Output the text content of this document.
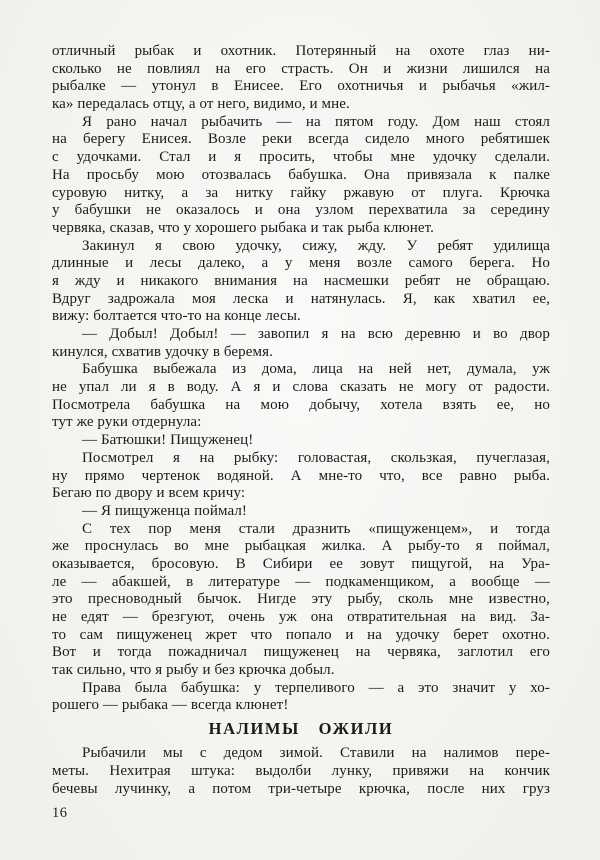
отличный рыбак и охотник. Потерянный на охоте глаз ни-
сколько не повлиял на его страсть. Он и жизни лишился на
рыбалке — утонул в Енисее. Его охотничья и рыбачья «жил-
ка» передалась отцу, а от него, видимо, и мне.
Я рано начал рыбачить — на пятом году. Дом наш стоял
на берегу Енисея. Возле реки всегда сидело много ребятишек
с удочками. Стал и я просить, чтобы мне удочку сделали.
На просьбу мою отозвалась бабушка. Она привязала к палке
суровую нитку, а за нитку гайку ржавую от плуга. Крючка
у бабушки не оказалось и она узлом перехватила за середину
червяка, сказав, что у хорошего рыбака и так рыба клюнет.
Закинул я свою удочку, сижу, жду. У ребят удилища
длинные и лесы далеко, а у меня возле самого берега. Но
я жду и никакого внимания на насмешки ребят не обращаю.
Вдруг задрожала моя леска и натянулась. Я, как хватил ее,
вижу: болтается что-то на конце лесы.
— Добыл! Добыл! — завопил я на всю деревню и во двор
кинулся, схватив удочку в беремя.
Бабушка выбежала из дома, лица на ней нет, думала, уж
не упал ли я в воду. А я и слова сказать не могу от радости.
Посмотрела бабушка на мою добычу, хотела взять ее, но
тут же руки отдернула:
— Батюшки! Пищуженец!
Посмотрел я на рыбку: головастая, скользкая, пучеглазая,
ну прямо чертенок водяной. А мне-то что, все равно рыба.
Бегаю по двору и всем кричу:
— Я пищуженца поймал!
С тех пор меня стали дразнить «пищуженцем», и тогда
же проснулась во мне рыбацкая жилка. А рыбу-то я поймал,
оказывается, бросовую. В Сибири ее зовут пищугой, на Ура-
ле — абакшей, в литературе — подкаменщиком, а вообще —
это пресноводный бычок. Нигде эту рыбу, сколь мне известно,
не едят — брезгуют, очень уж она отвратительная на вид. За-
то сам пищуженец жрет что попало и на удочку берет охотно.
Вот и тогда пожадничал пищуженец на червяка, заглотил его
так сильно, что я рыбу и без крючка добыл.
Права была бабушка: у терпеливого — а это значит у хо-
рошего — рыбака — всегда клюнет!
НАЛИМЫ ОЖИЛИ
Рыбачили мы с дедом зимой. Ставили на налимов пере-
меты. Нехитрая штука: выдолби лунку, привяжи на кончик
бечевы лучинку, а потом три-четыре крючка, после них груз
16
